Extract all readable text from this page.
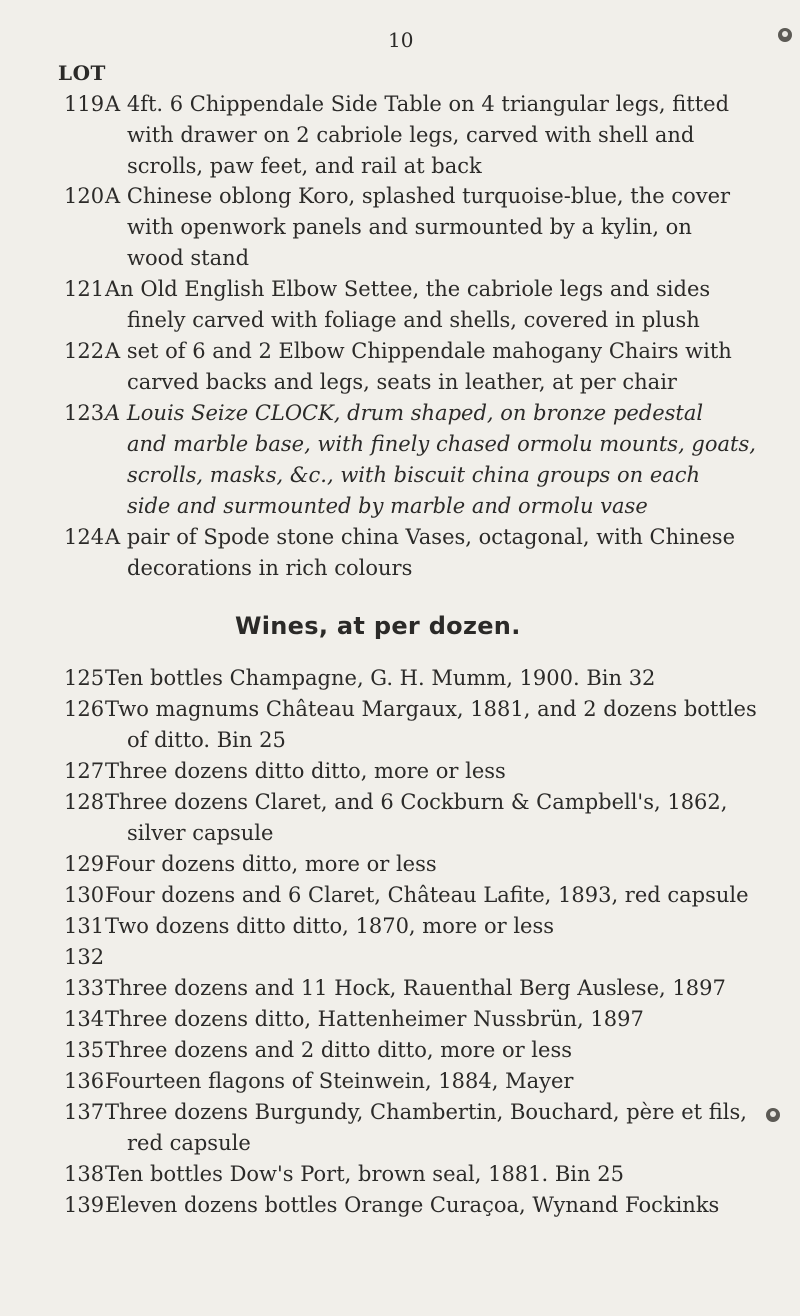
10
LOT
119 A 4ft. 6 Chippendale Side Table on 4 triangular legs, fitted
with drawer on 2 cabriole legs, carved with shell and
scrolls, paw feet, and rail at back
120 A Chinese oblong Koro, splashed turquoise-blue, the cover
with openwork panels and surmounted by a kylin, on
wood stand
121 An Old English Elbow Settee, the cabriole legs and sides
finely carved with foliage and shells, covered in plush
122 A set of 6 and 2 Elbow Chippendale mahogany Chairs with
carved backs and legs, seats in leather, at per chair
123 A Louis Seize CLOCK, drum shaped, on bronze pedestal
and marble base, with finely chased ormolu mounts, goats,
scrolls, masks, &c., with biscuit china groups on each
side and surmounted by marble and ormolu vase
124 A pair of Spode stone china Vases, octagonal, with Chinese
decorations in rich colours
Wines, at per dozen.
125 Ten bottles Champagne, G. H. Mumm, 1900. Bin 32
126 Two magnums Château Margaux, 1881, and 2 dozens bottles
of ditto. Bin 25
127 Three dozens ditto ditto, more or less
128 Three dozens Claret, and 6 Cockburn & Campbell's, 1862,
silver capsule
129 Four dozens ditto, more or less
130 Four dozens and 6 Claret, Château Lafite, 1893, red capsule
131 Two dozens ditto ditto, 1870, more or less
132
133 Three dozens and 11 Hock, Rauenthal Berg Auslese, 1897
134 Three dozens ditto, Hattenheimer Nussbrün, 1897
135 Three dozens and 2 ditto ditto, more or less
136 Fourteen flagons of Steinwein, 1884, Mayer
137 Three dozens Burgundy, Chambertin, Bouchard, père et fils,
red capsule
138 Ten bottles Dow's Port, brown seal, 1881. Bin 25
139 Eleven dozens bottles Orange Curaçoa, Wynand Fockinks
